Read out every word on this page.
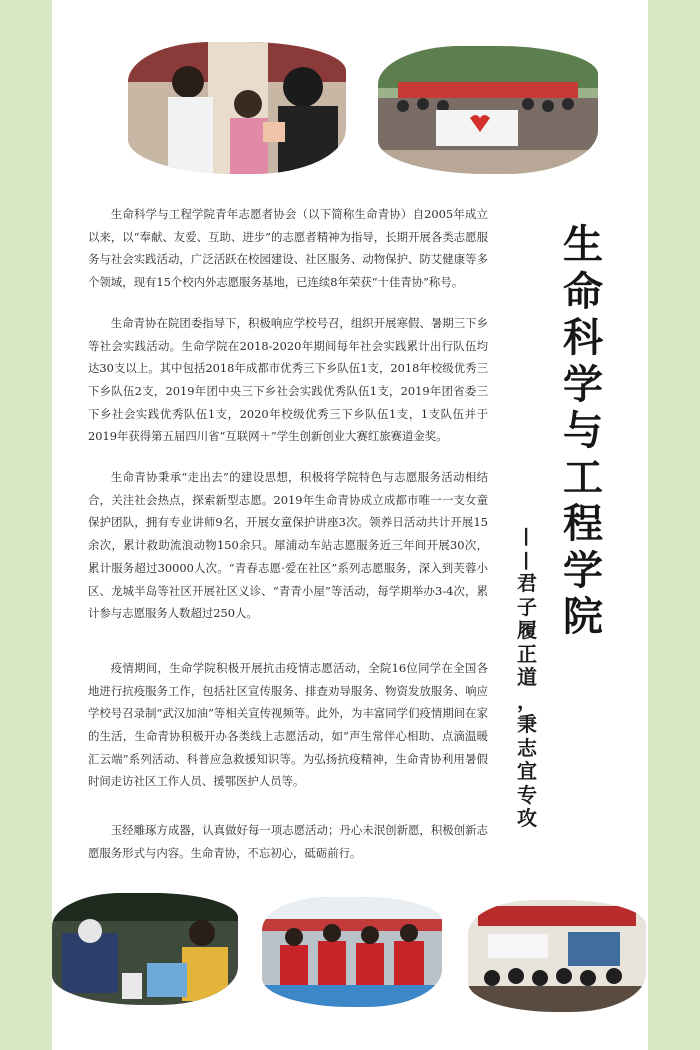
生命科学与工程学院青年志愿者协会（以下简称生命青协）自2005年成立以来，以“奉献、友爱、互助、进步”的志愿者精神为指导，长期开展各类志愿服务与社会实践活动，广泛活跃在校园建设、社区服务、动物保护、防艾健康等多个领域，现有15个校内外志愿服务基地，已连续8年荣获“十佳青协”称号。

生命青协在院团委指导下，积极响应学校号召，组织开展寒假、暑期三下乡等社会实践活动。生命学院在2018-2020年期间每年社会实践累计出行队伍均达30支以上。其中包括2018年成都市优秀三下乡队伍1支，2018年校级优秀三下乡队伍2支，2019年团中央三下乡社会实践优秀队伍1支，2019年团省委三下乡社会实践优秀队伍1支，2020年校级优秀三下乡队伍1支，1支队伍并于2019年获得第五届四川省“互联网＋”学生创新创业大赛红旅赛道金奖。

生命青协秉承“走出去”的建设思想，积极将学院特色与志愿服务活动相结合，关注社会热点，探索新型志愿。2019年生命青协成立成都市唯一一支女童保护团队，拥有专业讲师9名，开展女童保护讲座3次。领养日活动共计开展15余次，累计救助流浪动物150余只。犀浦动车站志愿服务近三年间开展30次，累计服务超过30000人次。“青春志愿·爱在社区”系列志愿服务，深入到芙蓉小区、龙城半岛等社区开展社区义诊、“青青小屋”等活动，每学期举办3-4次，累计参与志愿服务人数超过250人。

疫情期间，生命学院积极开展抗击疫情志愿活动，全院16位同学在全国各地进行抗疫服务工作，包括社区宣传服务、排查劝导服务、物资发放服务、响应学校号召录制“武汉加油”等相关宣传视频等。此外，为丰富同学们疫情期间在家的生活，生命青协积极开办各类线上志愿活动，如“声生常伴心相助、点滴温暖汇云端”系列活动、科普应急救援知识等。为弘扬抗疫精神，生命青协利用暑假时间走访社区工作人员、援鄂医护人员等。

玉经雕琢方成器，认真做好每一项志愿活动；丹心未泯创新愿，积极创新志愿服务形式与内容。生命青协，不忘初心，砥砺前行。

生
命
科
学
与
工
程
学
院
—
—
君
子
履
正
道
，
秉
志
宜
专
攻
